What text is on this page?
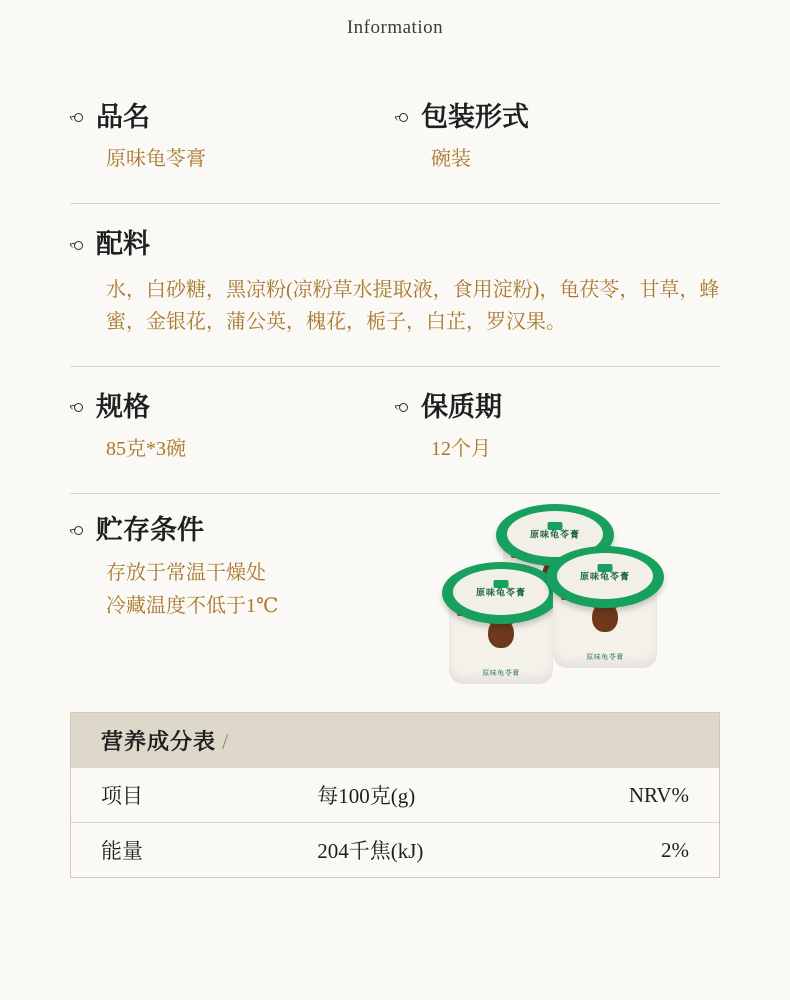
Information
品名
原味龟苓膏
包装形式
碗装
配料
水，白砂糖，黑凉粉(凉粉草水提取液，食用淀粉)，龟茯苓，甘草，蜂蜜，金银花，蒲公英，槐花，栀子，白芷，罗汉果。
规格
85克*3碗
保质期
12个月
贮存条件
存放于常温干燥处
冷藏温度不低于1℃
原味龟苓膏
原味龟苓膏
原味龟苓膏
原味龟苓膏
原味龟苓膏
营养成分表 /
项目	每100克(g)	NRV%
能量	204千焦(kJ)	2%
